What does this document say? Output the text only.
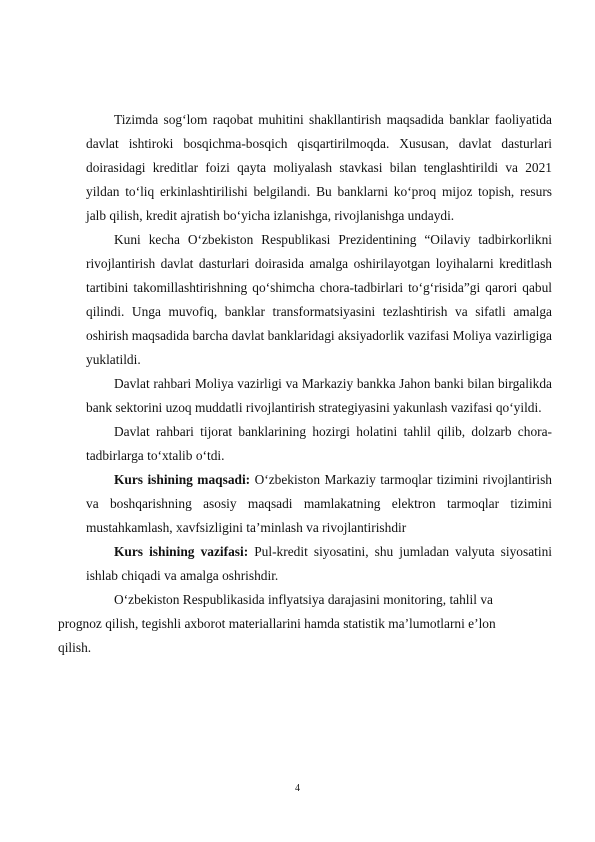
Tizimda sog‘lom raqobat muhitini shakllantirish maqsadida banklar faoliyatida davlat ishtiroki bosqichma-bosqich qisqartirilmoqda. Xususan, davlat dasturlari doirasidagi kreditlar foizi qayta moliyalash stavkasi bilan tenglashtirildi va 2021 yildan to‘liq erkinlashtirilishi belgilandi. Bu banklarni ko‘proq mijoz topish, resurs jalb qilish, kredit ajratish bo‘yicha izlanishga, rivojlanishga undaydi.

Kuni kecha O‘zbekiston Respublikasi Prezidentining “Oilaviy tadbirkorlikni rivojlantirish davlat dasturlari doirasida amalga oshirilayotgan loyihalarni kreditlash tartibini takomillashtirishning qo‘shimcha chora-tadbirlari to‘g‘risida”gi qarori qabul qilindi. Unga muvofiq, banklar transformatsiyasini tezlashtirish va sifatli amalga oshirish maqsadida barcha davlat banklaridagi aksiyadorlik vazifasi Moliya vazirligiga yuklatildi.

Davlat rahbari Moliya vazirligi va Markaziy bankka Jahon banki bilan birgalikda bank sektorini uzoq muddatli rivojlantirish strategiyasini yakunlash vazifasi qo‘yildi.

Davlat rahbari tijorat banklarining hozirgi holatini tahlil qilib, dolzarb chora-tadbirlarga to‘xtalib o‘tdi.

Kurs ishining maqsadi: O‘zbekiston Markaziy tarmoqlar tizimini rivojlantirish va boshqarishning asosiy maqsadi mamlakatning elektron tarmoqlar tizimini mustahkamlash, xavfsizligini ta’minlash va rivojlantirishdir

Kurs ishining vazifasi: Pul-kredit siyosatini, shu jumladan valyuta siyosatini ishlab chiqadi va amalga oshrishdir.

O‘zbekiston Respublikasida inflyatsiya darajasini monitoring, tahlil va
prognoz qilish, tegishli axborot materiallarini hamda statistik ma’lumotlarni e’lon
qilish.

4
